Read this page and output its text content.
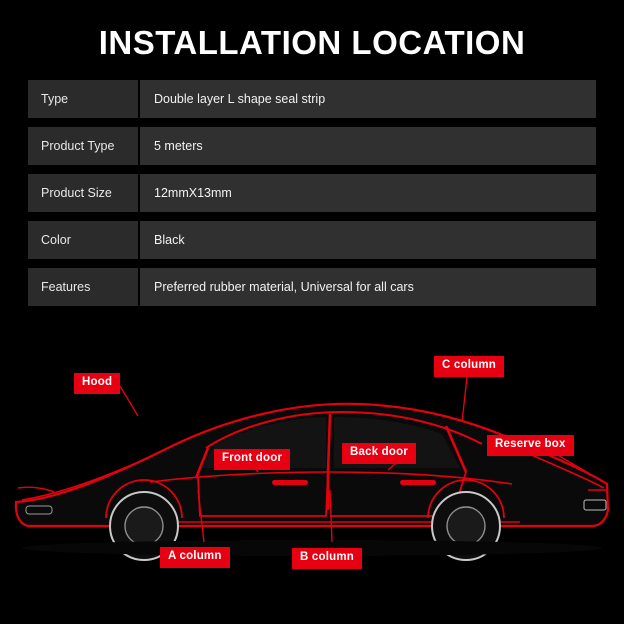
INSTALLATION LOCATION
Type	Double layer L shape seal strip
Product Type	5 meters
Product Size	12mmX13mm
Color	Black
Features	Preferred rubber material, Universal for all cars
Hood
C column
Reserve box
Front door	Back door
A column	B column
